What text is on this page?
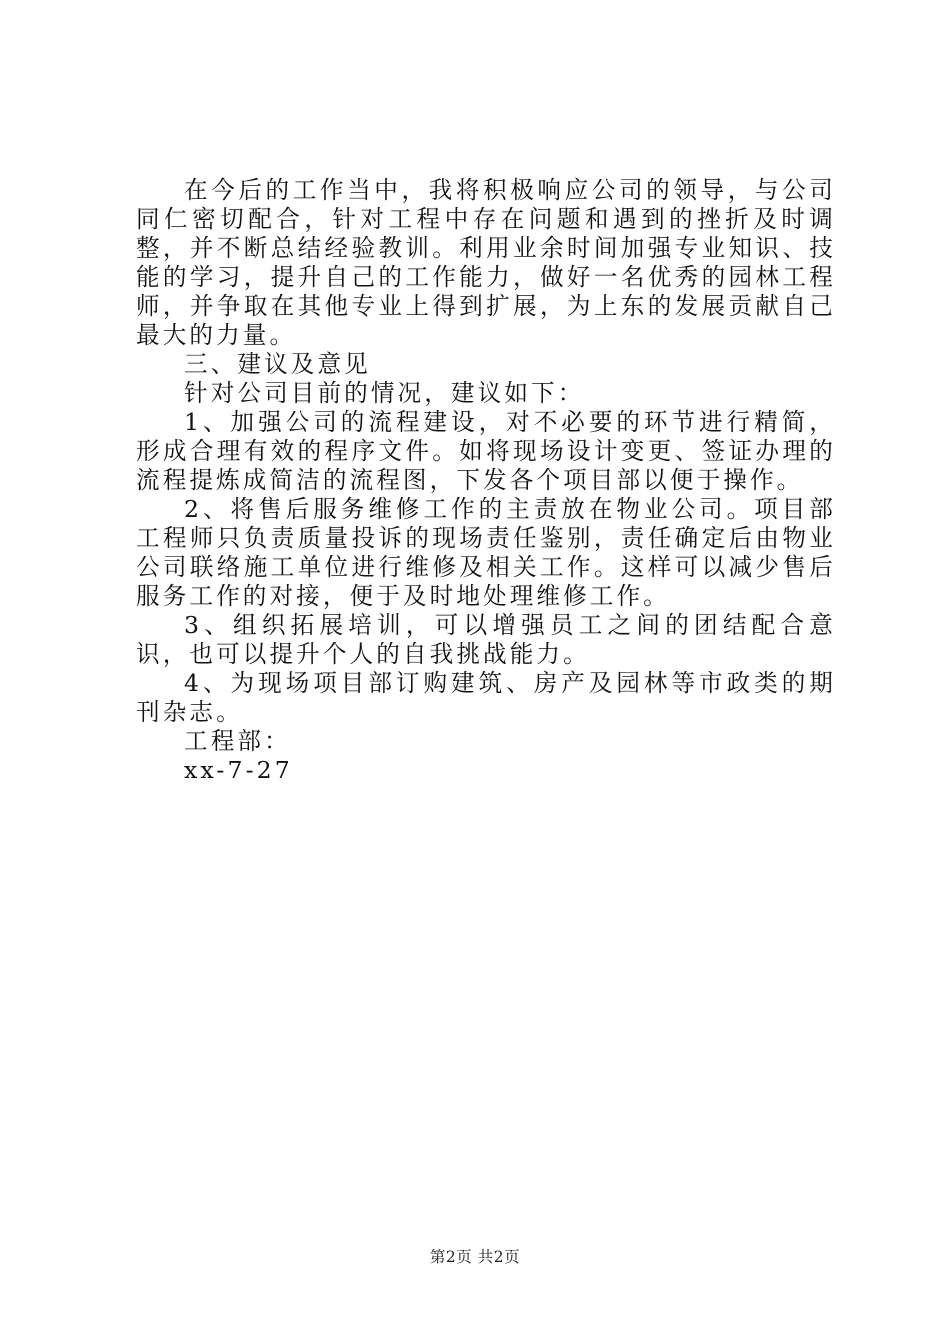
在今后的工作当中，我将积极响应公司的领导，与公司同仁密切配合，针对工程中存在问题和遇到的挫折及时调整，并不断总结经验教训。利用业余时间加强专业知识、技能的学习，提升自己的工作能力，做好一名优秀的园林工程师，并争取在其他专业上得到扩展，为上东的发展贡献自己最大的力量。

三、建议及意见

针对公司目前的情况，建议如下：

1、加强公司的流程建设，对不必要的环节进行精简，形成合理有效的程序文件。如将现场设计变更、签证办理的流程提炼成简洁的流程图，下发各个项目部以便于操作。

2、将售后服务维修工作的主责放在物业公司。项目部工程师只负责质量投诉的现场责任鉴别，责任确定后由物业公司联络施工单位进行维修及相关工作。这样可以减少售后服务工作的对接，便于及时地处理维修工作。

3、组织拓展培训，可以增强员工之间的团结配合意识，也可以提升个人的自我挑战能力。

4、为现场项目部订购建筑、房产及园林等市政类的期刊杂志。

工程部：

xx-7-27

第2页 共2页
